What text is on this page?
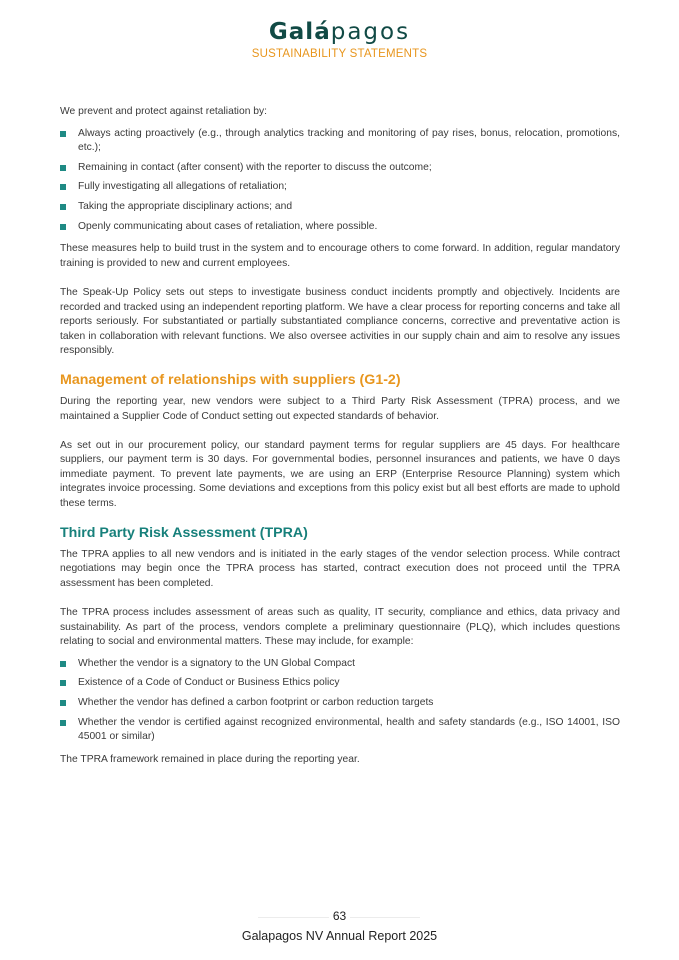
Galápagos
SUSTAINABILITY STATEMENTS

We prevent and protect against retaliation by:

Always acting proactively (e.g., through analytics tracking and monitoring of pay rises, bonus, relocation, promotions, etc.);
Remaining in contact (after consent) with the reporter to discuss the outcome;
Fully investigating all allegations of retaliation;
Taking the appropriate disciplinary actions; and
Openly communicating about cases of retaliation, where possible.

These measures help to build trust in the system and to encourage others to come forward. In addition, regular mandatory training is provided to new and current employees.

The Speak-Up Policy sets out steps to investigate business conduct incidents promptly and objectively. Incidents are recorded and tracked using an independent reporting platform. We have a clear process for reporting concerns and take all reports seriously. For substantiated or partially substantiated compliance concerns, corrective and preventative action is taken in collaboration with relevant functions. We also oversee activities in our supply chain and aim to resolve any issues responsibly.

Management of relationships with suppliers (G1-2)

During the reporting year, new vendors were subject to a Third Party Risk Assessment (TPRA) process, and we maintained a Supplier Code of Conduct setting out expected standards of behavior.

As set out in our procurement policy, our standard payment terms for regular suppliers are 45 days. For healthcare suppliers, our payment term is 30 days. For governmental bodies, personnel insurances and patients, we have 0 days immediate payment. To prevent late payments, we are using an ERP (Enterprise Resource Planning) system which integrates invoice processing. Some deviations and exceptions from this policy exist but all best efforts are made to uphold these terms.

Third Party Risk Assessment (TPRA)

The TPRA applies to all new vendors and is initiated in the early stages of the vendor selection process. While contract negotiations may begin once the TPRA process has started, contract execution does not proceed until the TPRA assessment has been completed.

The TPRA process includes assessment of areas such as quality, IT security, compliance and ethics, data privacy and sustainability. As part of the process, vendors complete a preliminary questionnaire (PLQ), which includes questions relating to social and environmental matters. These may include, for example:

Whether the vendor is a signatory to the UN Global Compact
Existence of a Code of Conduct or Business Ethics policy
Whether the vendor has defined a carbon footprint or carbon reduction targets
Whether the vendor is certified against recognized environmental, health and safety standards (e.g., ISO 14001, ISO 45001 or similar)

The TPRA framework remained in place during the reporting year.

63
Galapagos NV Annual Report 2025
